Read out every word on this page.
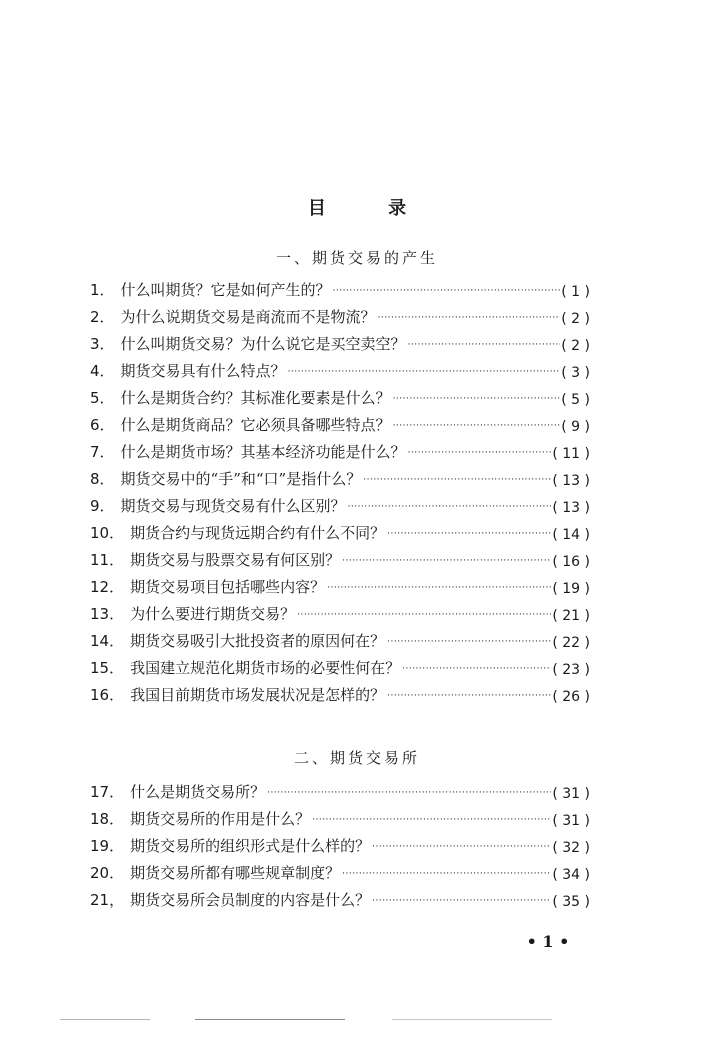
目 录
一、期货交易的产生
1． 什么叫期货？它是如何产生的？ ·····	( 1 )
2． 为什么说期货交易是商流而不是物流？ ·····	( 2 )
3． 什么叫期货交易？为什么说它是买空卖空？ ·····	( 2 )
4． 期货交易具有什么特点？ ·····	( 3 )
5． 什么是期货合约？其标准化要素是什么？ ·····	( 5 )
6． 什么是期货商品？它必须具备哪些特点？ ·····	( 9 )
7． 什么是期货市场？其基本经济功能是什么？ ·····	( 11 )
8． 期货交易中的“手”和“口”是指什么？ ·····	( 13 )
9． 期货交易与现货交易有什么区别？ ·····	( 13 )
10． 期货合约与现货远期合约有什么不同？ ·····	( 14 )
11． 期货交易与股票交易有何区别？ ·····	( 16 )
12． 期货交易项目包括哪些内容？ ·····	( 19 )
13． 为什么要进行期货交易？ ·····	( 21 )
14． 期货交易吸引大批投资者的原因何在？ ·····	( 22 )
15． 我国建立规范化期货市场的必要性何在？ ·····	( 23 )
16． 我国目前期货市场发展状况是怎样的？ ·····	( 26 )
二、期货交易所
17． 什么是期货交易所？ ·····	( 31 )
18． 期货交易所的作用是什么？ ·····	( 31 )
19． 期货交易所的组织形式是什么样的？ ·····	( 32 )
20． 期货交易所都有哪些规章制度？ ·····	( 34 )
21， 期货交易所会员制度的内容是什么？ ·····	( 35 )
• 1 •
